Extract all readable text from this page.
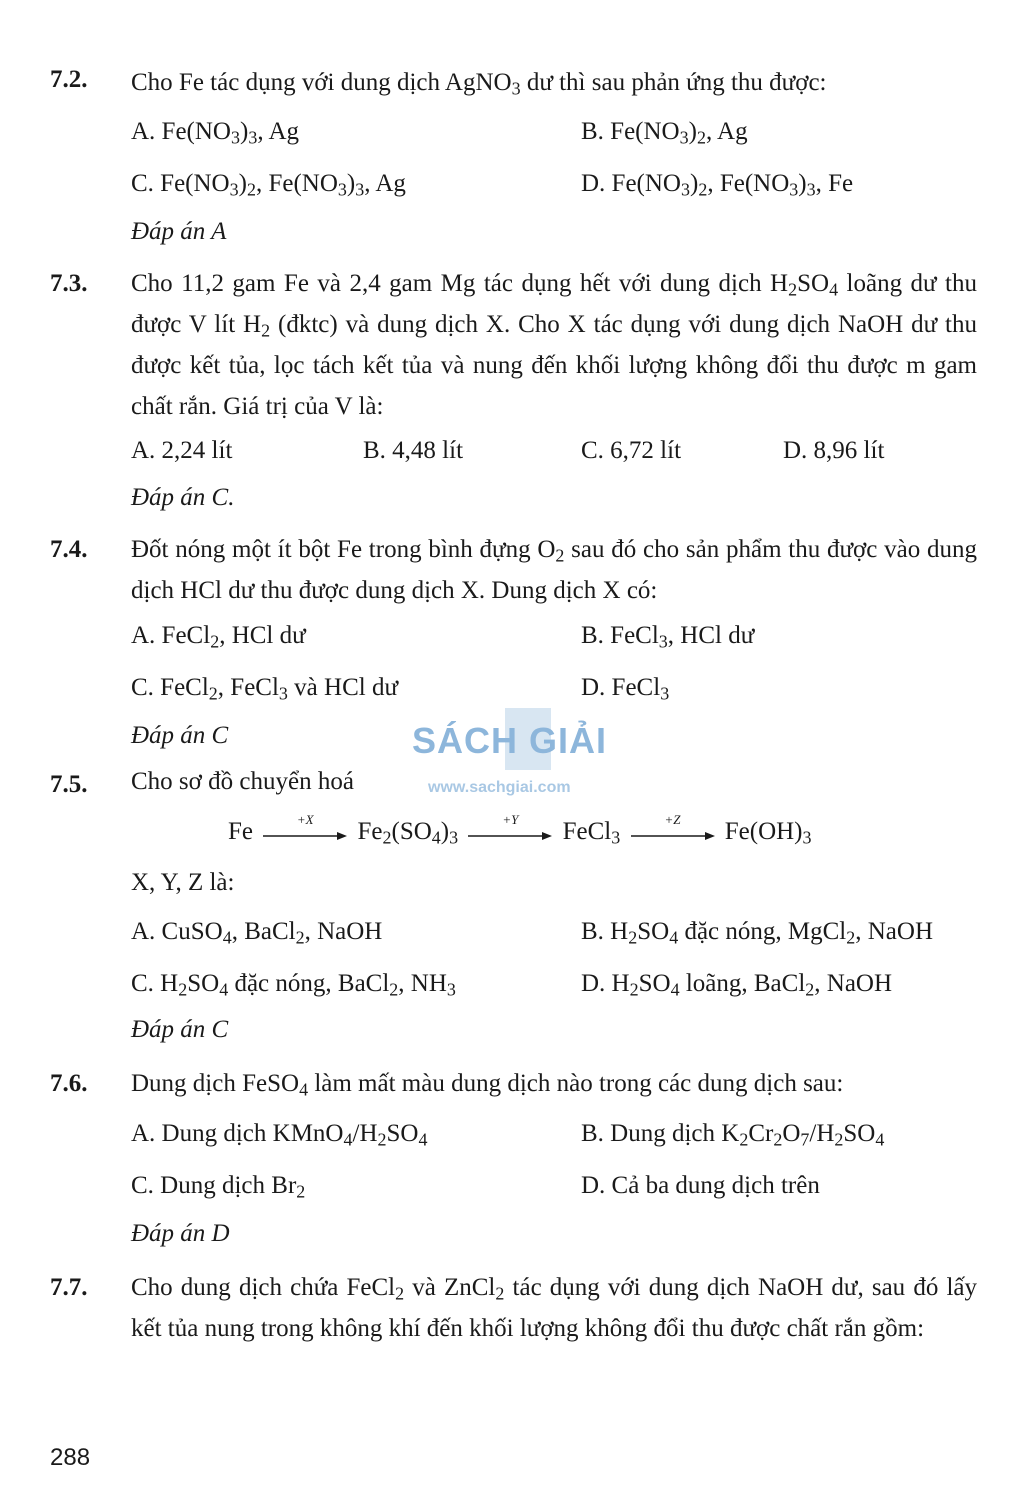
7.2. Cho Fe tác dụng với dung dịch AgNO$_3$ dư thì sau phản ứng thu được:
A. $Fe(NO_3)_3$, Ag	B. $Fe(NO_3)_2$, Ag
C. $Fe(NO_3)_2$, $Fe(NO_3)_3$, Ag	D. $Fe(NO_3)_2$, $Fe(NO_3)_3$, Fe
Đáp án A
7.3. Cho 11,2 gam Fe và 2,4 gam Mg tác dụng hết với dung dịch $H_2SO_4$ loãng dư thu được V lít $H_2$ (đktc) và dung dịch X. Cho X tác dụng với dung dịch NaOH dư thu được kết tủa, lọc tách kết tủa và nung đến khối lượng không đổi thu được m gam chất rắn. Giá trị của V là:
A. 2,24 lít	B. 4,48 lít	C. 6,72 lít	D. 8,96 lít
Đáp án C.
7.4. Đốt nóng một ít bột Fe trong bình đựng $O_2$ sau đó cho sản phẩm thu được vào dung dịch HCl dư thu được dung dịch X. Dung dịch X có:
A. FeCl$_2$, HCl dư	B. FeCl$_3$, HCl dư
C. FeCl$_2$, FeCl$_3$ và HCl dư	D. FeCl$_3$
Đáp án C	SÁCH GIẢI
www.sachgiai.com
7.5. Cho sơ đồ chuyển hoá
Fe	+X	$Fe_2(SO_4)_3$
+Y	FeCl$_3$
+Z	$Fe(OH)_3$
X, Y, Z là:
A. CuSO$_4$, BaCl$_2$, NaOH	B. $H_2SO_4$ đặc nóng, MgCl$_2$, NaOH
C. $H_2SO_4$ đặc nóng, BaCl$_2$, $NH_3$	D. $H_2SO_4$ loãng, BaCl$_2$, NaOH
Đáp án C
7.6. Dung dịch FeSO$_4$ làm mất màu dung dịch nào trong các dung dịch sau:
A. Dung dịch $KMnO_4/H_2SO_4$	B. Dung dịch $K_2Cr_2O_7/H_2SO_4$
C. Dung dịch $Br_2$	D. Cả ba dung dịch trên
Đáp án D
7.7. Cho dung dịch chứa FeCl$_2$ và ZnCl$_2$ tác dụng với dung dịch NaOH dư, sau đó lấy kết tủa nung trong không khí đến khối lượng không đổi thu được chất rắn gồm:
288
